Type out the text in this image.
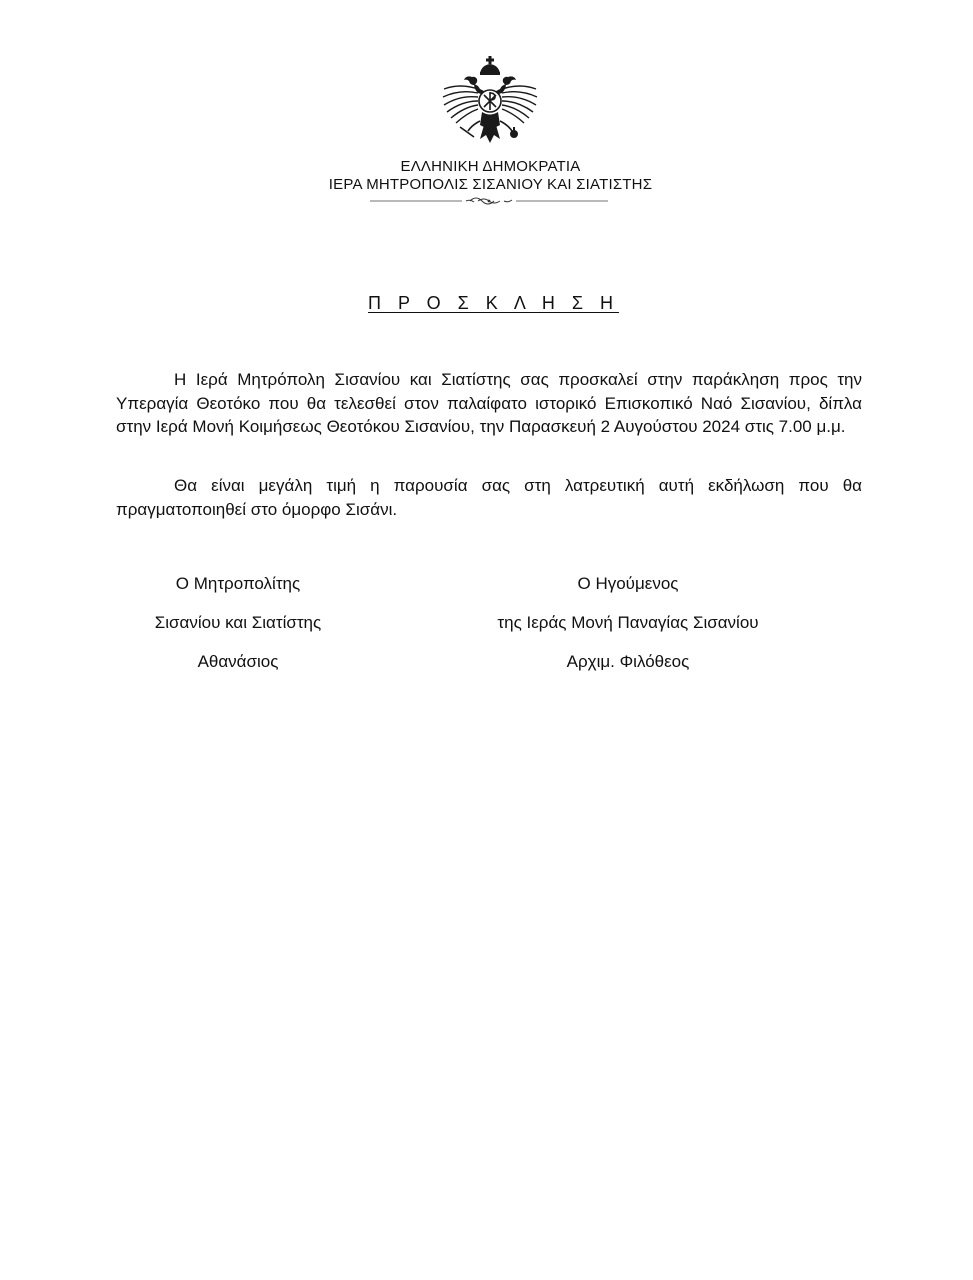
ΕΛΛΗΝΙΚΗ ΔΗΜΟΚΡΑΤΙΑ
ΙΕΡΑ ΜΗΤΡΟΠΟΛΙΣ ΣΙΣΑΝΙΟΥ ΚΑΙ ΣΙΑΤΙΣΤΗΣ
Π Ρ Ο Σ Κ Λ Η Σ Η

Η Ιερά Μητρόπολη Σισανίου και Σιατίστης σας προσκαλεί στην παράκληση προς την Υπεραγία Θεοτόκο που θα τελεσθεί στον παλαίφατο ιστορικό Επισκοπικό Ναό Σισανίου, δίπλα στην Ιερά Μονή Κοιμήσεως Θεοτόκου Σισανίου, την Παρασκευή 2 Αυγούστου 2024 στις 7.00 μ.μ.

Θα είναι μεγάλη τιμή η παρουσία σας στη λατρευτική αυτή εκδήλωση που θα πραγματοποιηθεί στο όμορφο Σισάνι.

Ο Μητροπολίτης
Σισανίου και Σιατίστης
Αθανάσιος
Ο Ηγούμενος
της Ιεράς Μονή Παναγίας Σισανίου
Αρχιμ. Φιλόθεος
